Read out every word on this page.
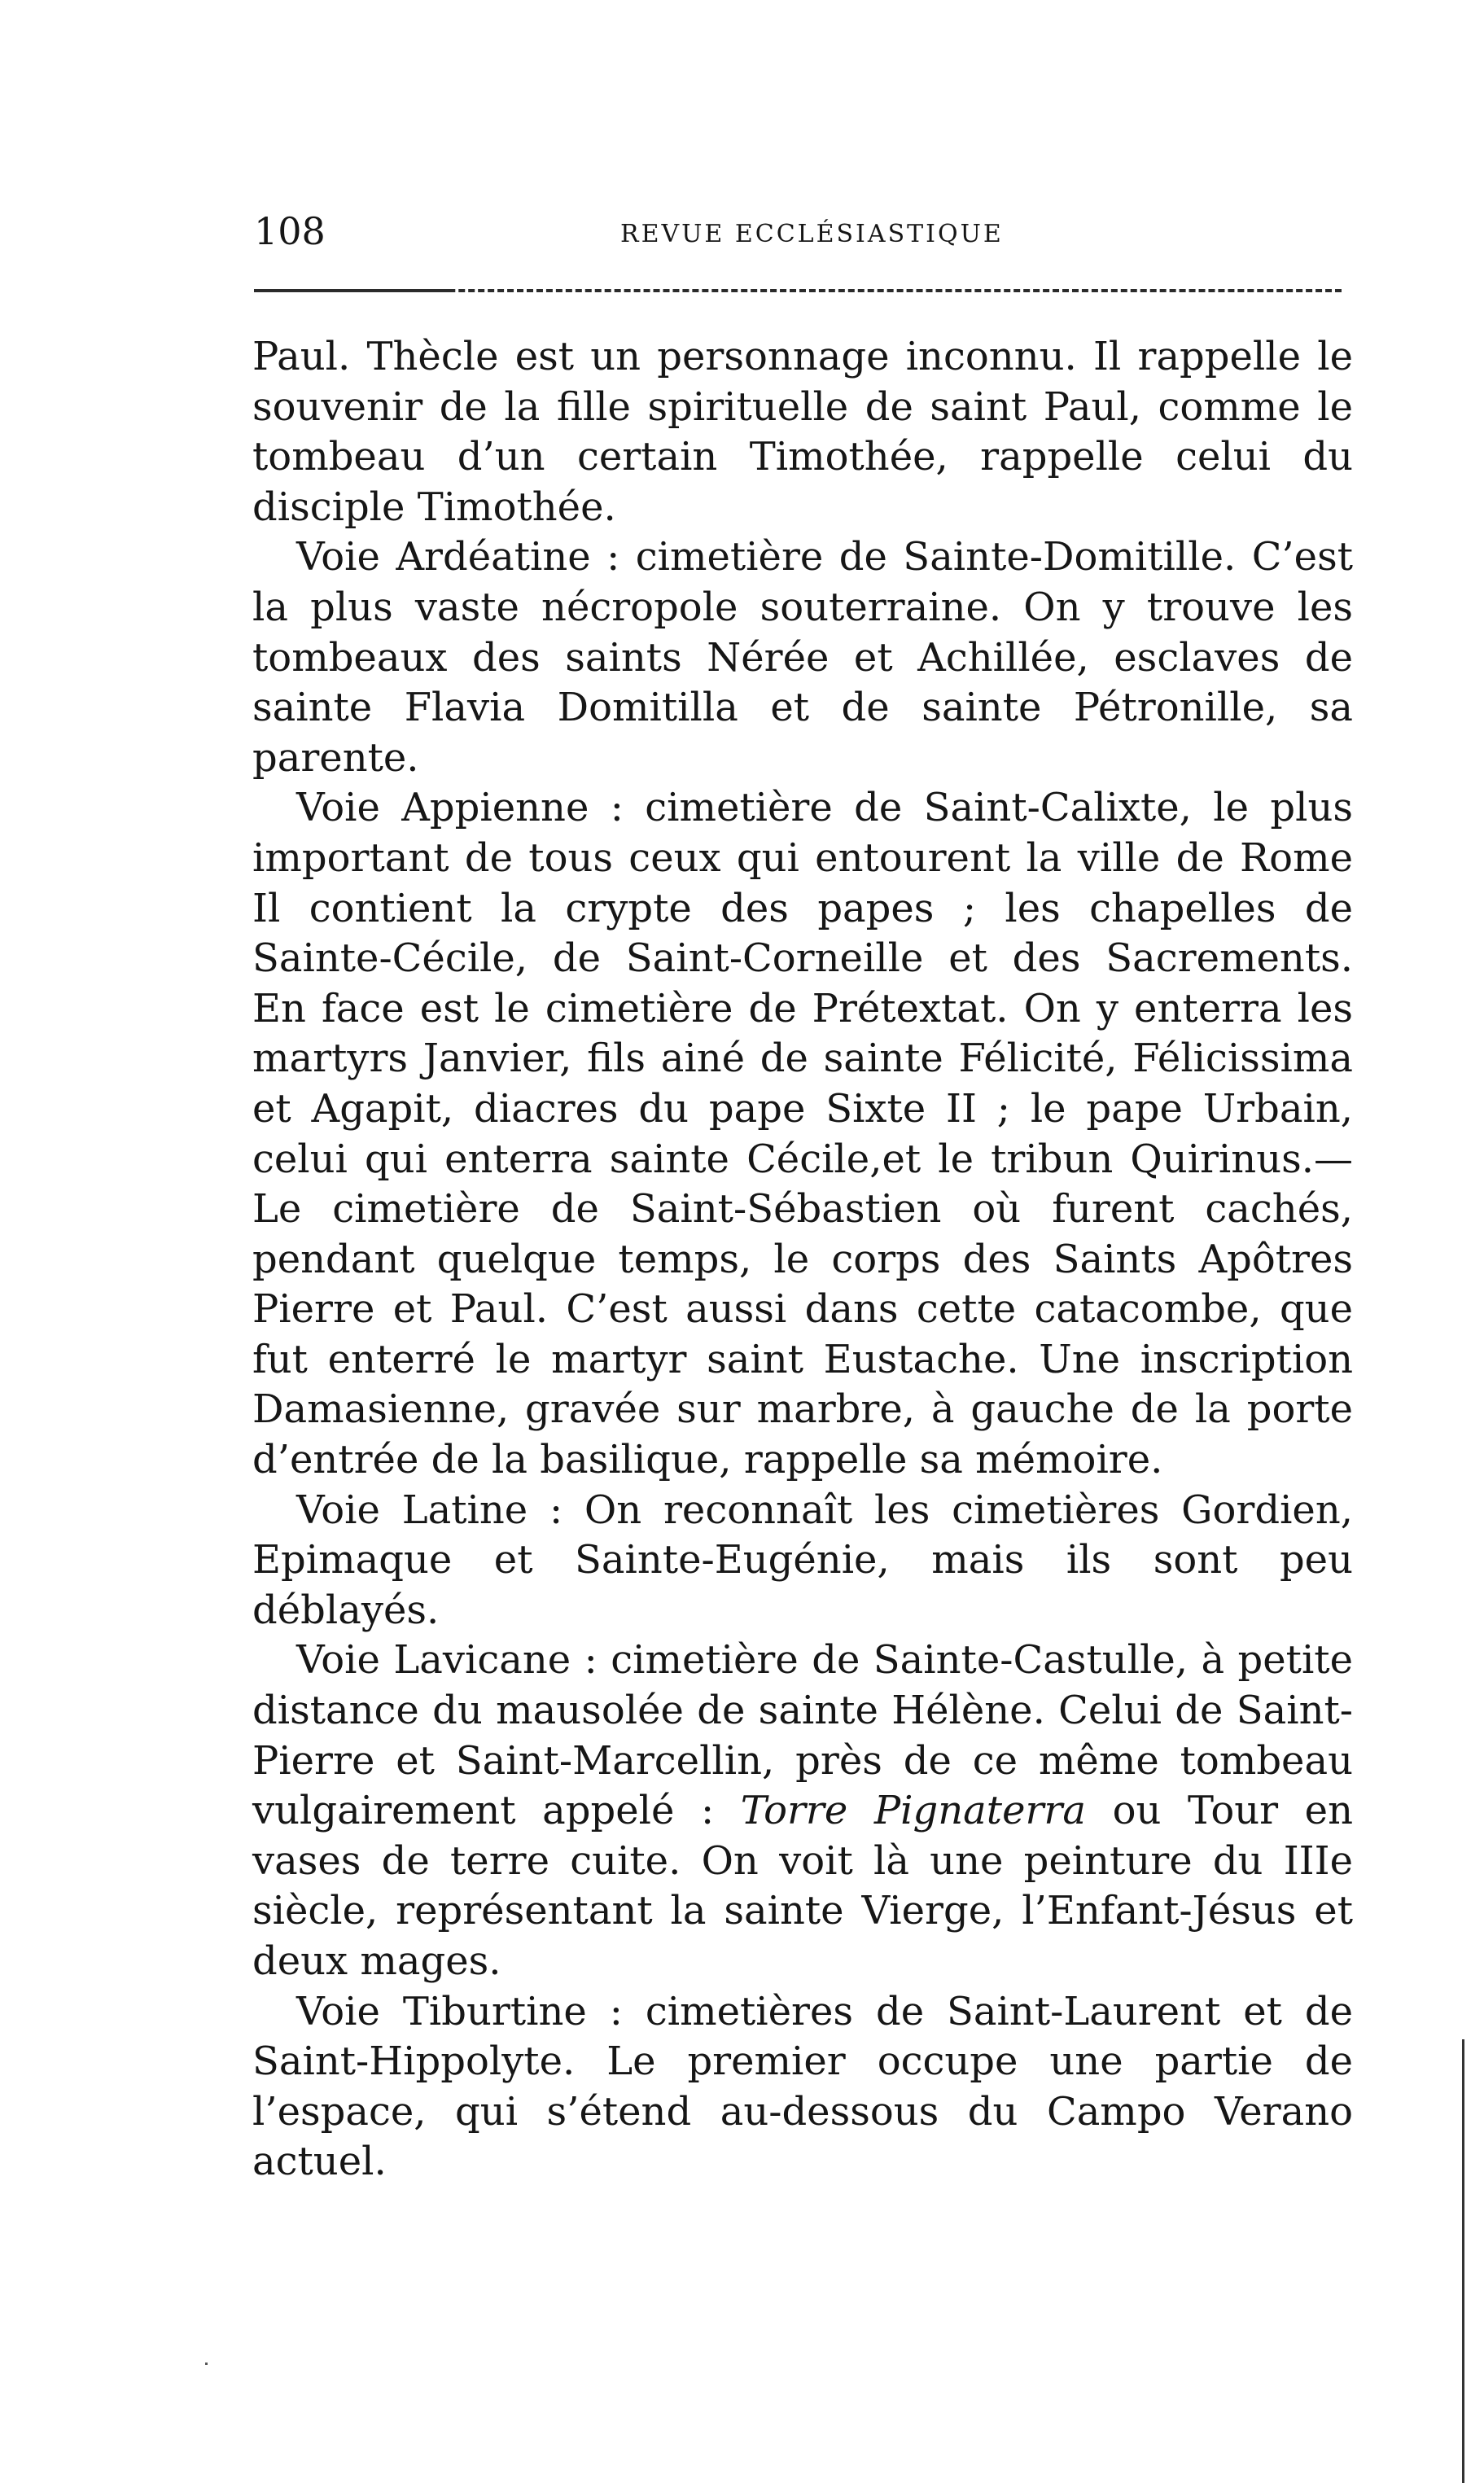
108	REVUE ECCLÉSIASTIQUE

Paul. Thècle est un personnage inconnu. Il rappelle le souvenir de la fille spirituelle de saint Paul, comme le tombeau d’un certain Timothée, rappelle celui du disciple Timothée.

Voie Ardéatine : cimetière de Sainte-Domitille. C’est la plus vaste nécropole souterraine. On y trouve les tombeaux des saints Nérée et Achillée, esclaves de sainte Flavia Domitilla et de sainte Pétronille, sa parente.

Voie Appienne : cimetière de Saint-Calixte, le plus important de tous ceux qui entourent la ville de Rome Il contient la crypte des papes ; les chapelles de Sainte-Cécile, de Saint-Corneille et des Sacrements. En face est le cimetière de Prétextat. On y enterra les martyrs Janvier, fils ainé de sainte Félicité, Félicissima et Agapit, diacres du pape Sixte II ; le pape Urbain, celui qui enterra sainte Cécile,et le tribun Quirinus.—Le cimetière de Saint-Sébastien où furent cachés, pendant quelque temps, le corps des Saints Apôtres Pierre et Paul. C’est aussi dans cette catacombe, que fut enterré le martyr saint Eustache. Une inscription Damasienne, gravée sur marbre, à gauche de la porte d’entrée de la basilique, rappelle sa mémoire.

Voie Latine : On reconnaît les cimetières Gordien, Epimaque et Sainte-Eugénie, mais ils sont peu déblayés.

Voie Lavicane : cimetière de Sainte-Castulle, à petite distance du mausolée de sainte Hélène. Celui de Saint-Pierre et Saint-Marcellin, près de ce même tombeau vulgairement appelé : Torre Pignaterra ou Tour en vases de terre cuite. On voit là une peinture du IIIe siècle, représentant la sainte Vierge, l’Enfant-Jésus et deux mages.

Voie Tiburtine : cimetières de Saint-Laurent et de Saint-Hippolyte. Le premier occupe une partie de l’espace, qui s’étend au-dessous du Campo Verano actuel.
